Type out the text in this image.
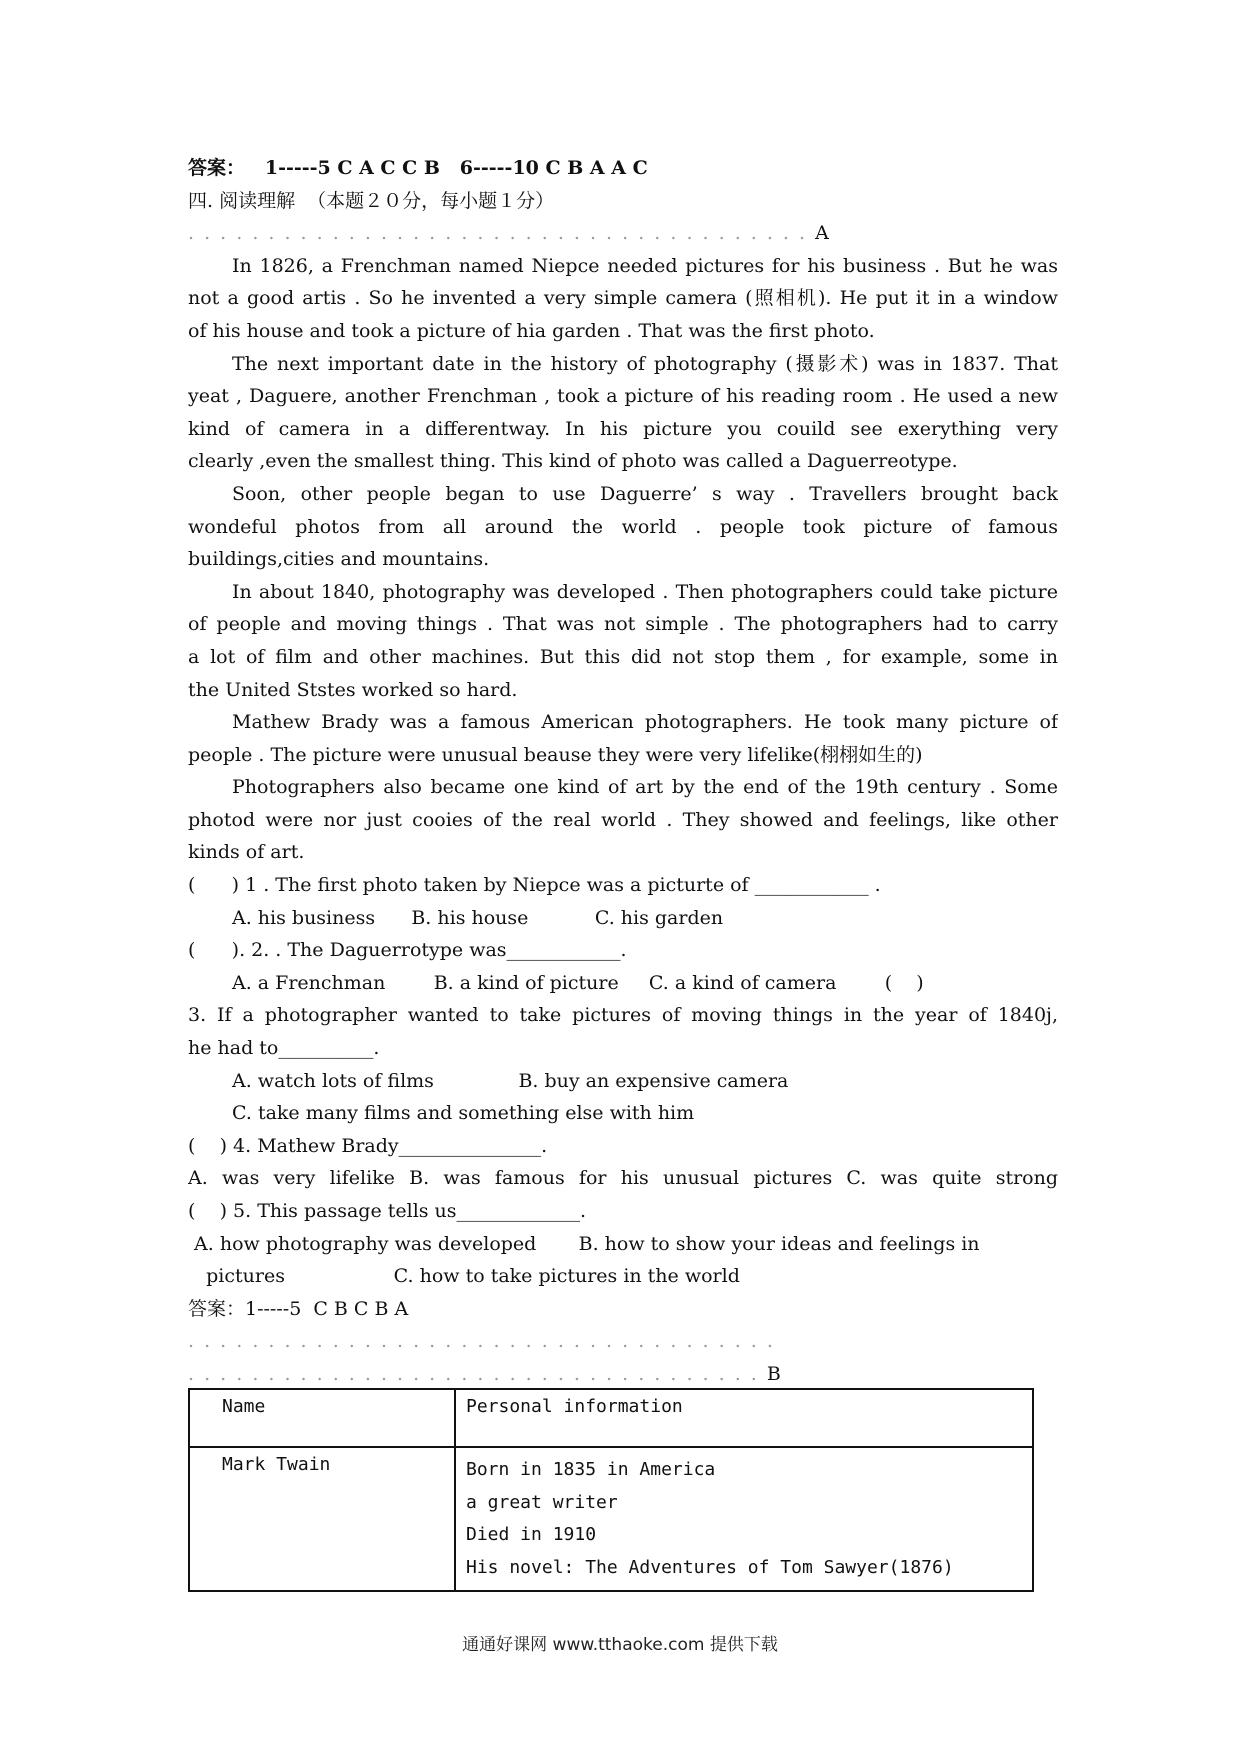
答案：   1-----5 C A C C B   6-----10 C B A A C
四. 阅读理解  （本题２０分，每小题１分）
. . . . . . . . . . . . . . . . . . . . . . . . . . . . . . . . . . . . . . . A
In 1826, a Frenchman named Niepce needed pictures for his business . But he was
not a good artis . So he invented a very simple camera (照相机). He put it in a window
of his house and took a picture of hia garden . That was the first photo.
The next important date in the history of photography (摄影术) was in 1837. That
yeat , Daguere, another Frenchman , took a picture of his reading room . He used a new
kind of camera in a differentway. In his picture you couild see exerything very
clearly ,even the smallest thing. This kind of photo was called a Daguerreotype.
Soon, other people began to use Daguerre’ s way . Travellers brought back
wondeful photos from all around the world . people took picture of famous
buildings,cities and mountains.
In about 1840, photography was developed . Then photographers could take picture
of people and moving things . That was not simple . The photographers had to carry
a lot of film and other machines. But this did not stop them , for example, some in
the United Ststes worked so hard.
Mathew Brady was a famous American photographers. He took many picture of
people . The picture were unusual beause they were very lifelike(栩栩如生的)
Photographers also became one kind of art by the end of the 19th century . Some
photod were nor just cooies of the real world . They showed and feelings, like other
kinds of art.
(      ) 1 . The first photo taken by Niepce was a picturte of ____________ .
A. his business      B. his house           C. his garden
(      ). 2. . The Daguerrotype was____________.
A. a Frenchman        B. a kind of picture     C. a kind of camera        (    )
3. If a photographer wanted to take pictures of moving things in the year of 1840j,
he had to__________.
A. watch lots of films              B. buy an expensive camera
C. take many films and something else with him
(    ) 4. Mathew Brady_______________.
A. was very lifelike B. was famous for his unusual pictures C. was quite strong
(    ) 5. This passage tells us_____________.
A. how photography was developed       B. how to show your ideas and feelings in
pictures                  C. how to take pictures in the world
答案：1-----5  C B C B A
. . . . . . . . . . . . . . . . . . . . . . . . . . . . . . . . . . . . .
. . . . . . . . . . . . . . . . . . . . . . . . . . . . . . . . . . . . B
Name	Personal information
Mark Twain	Born in 1835 in America
a great writer
Died in 1910
His novel: The Adventures of Tom Sawyer(1876)
通通好课网 www.tthaoke.com 提供下载
